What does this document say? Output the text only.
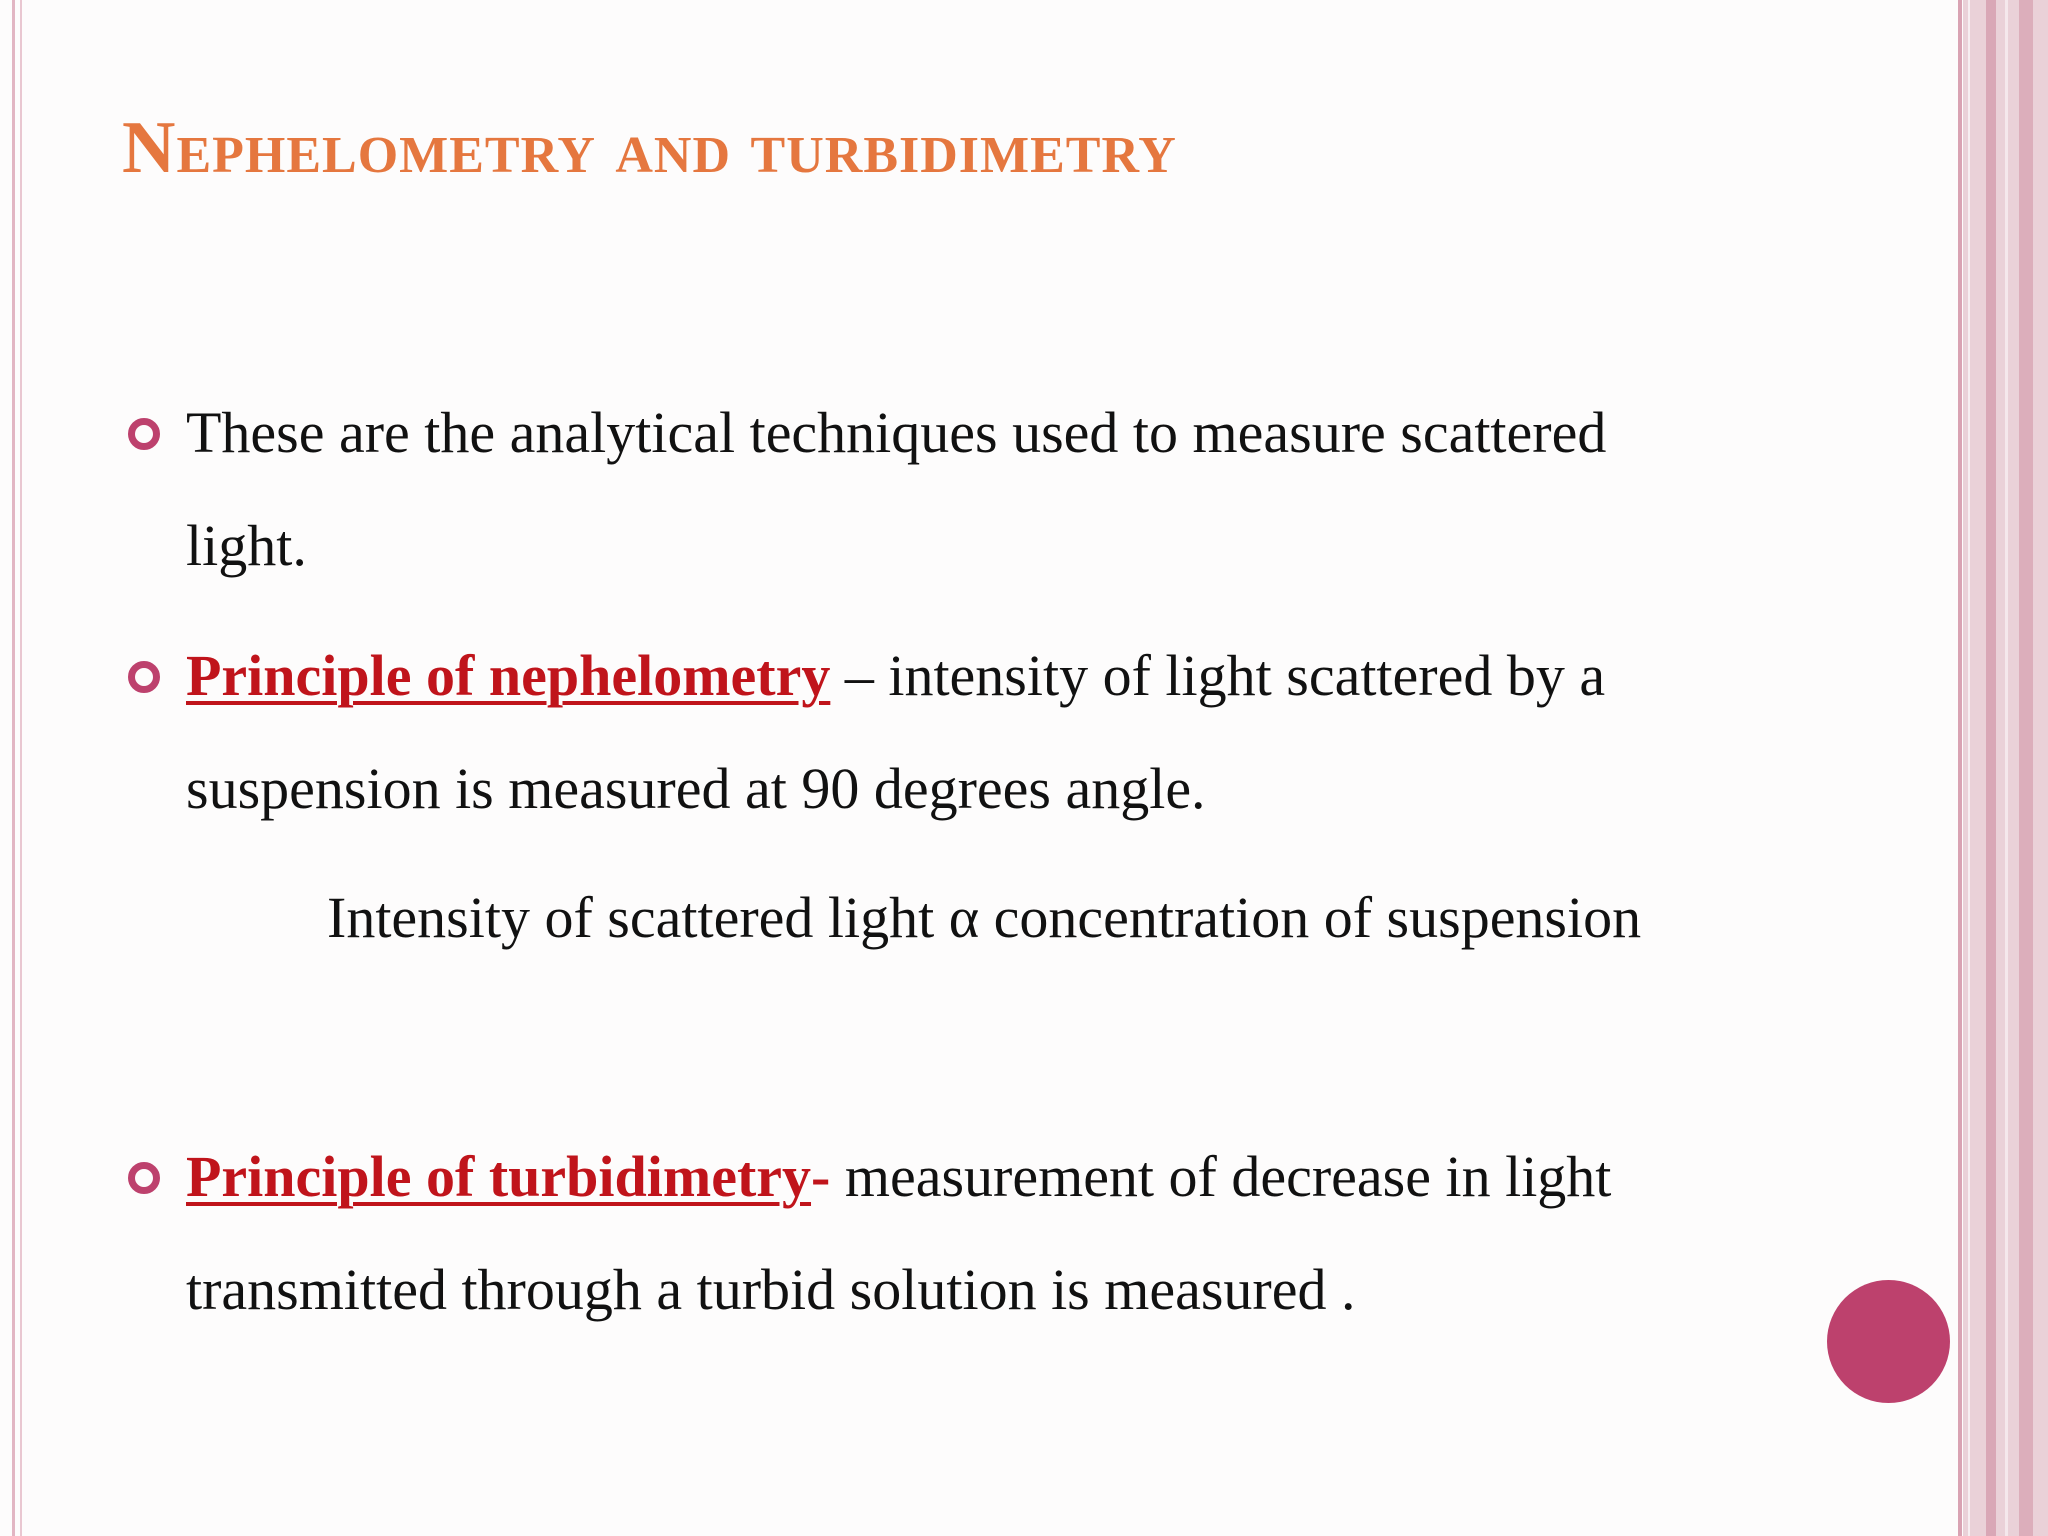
Nephelometry and turbidimetry

These are the analytical techniques used to measure scattered

light.

Principle of nephelometry – intensity of light scattered by a

suspension is measured at 90 degrees angle.

Intensity of scattered light α concentration of suspension

Principle of turbidimetry- measurement of decrease in light

transmitted through a turbid solution is measured .
